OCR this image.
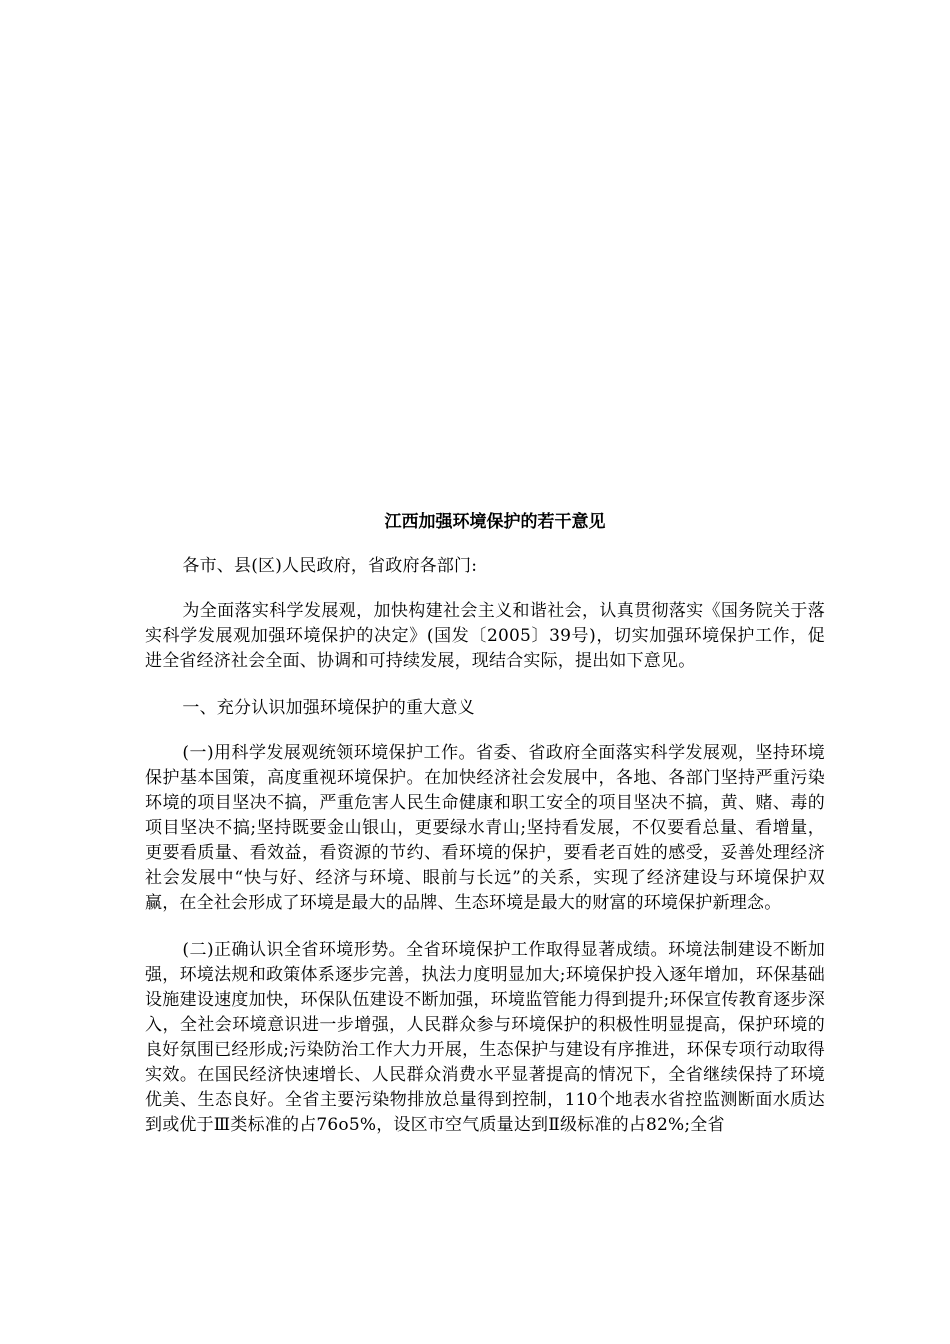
江西加强环境保护的若干意见

各市、县(区)人民政府，省政府各部门:

为全面落实科学发展观，加快构建社会主义和谐社会，认真贯彻落实《国务院关于落实科学发展观加强环境保护的决定》(国发〔2005〕39号)，切实加强环境保护工作，促进全省经济社会全面、协调和可持续发展，现结合实际，提出如下意见。

一、充分认识加强环境保护的重大意义

(一)用科学发展观统领环境保护工作。省委、省政府全面落实科学发展观，坚持环境保护基本国策，高度重视环境保护。在加快经济社会发展中，各地、各部门坚持严重污染环境的项目坚决不搞，严重危害人民生命健康和职工安全的项目坚决不搞，黄、赌、毒的项目坚决不搞;坚持既要金山银山，更要绿水青山;坚持看发展，不仅要看总量、看增量，更要看质量、看效益，看资源的节约、看环境的保护，要看老百姓的感受，妥善处理经济社会发展中“快与好、经济与环境、眼前与长远”的关系，实现了经济建设与环境保护双赢，在全社会形成了环境是最大的品牌、生态环境是最大的财富的环境保护新理念。

(二)正确认识全省环境形势。全省环境保护工作取得显著成绩。环境法制建设不断加强，环境法规和政策体系逐步完善，执法力度明显加大;环境保护投入逐年增加，环保基础设施建设速度加快，环保队伍建设不断加强，环境监管能力得到提升;环保宣传教育逐步深入，全社会环境意识进一步增强，人民群众参与环境保护的积极性明显提高，保护环境的良好氛围已经形成;污染防治工作大力开展，生态保护与建设有序推进，环保专项行动取得实效。在国民经济快速增长、人民群众消费水平显著提高的情况下，全省继续保持了环境优美、生态良好。全省主要污染物排放总量得到控制，110个地表水省控监测断面水质达到或优于Ⅲ类标准的占76o5%，设区市空气质量达到Ⅱ级标准的占82%;全省
